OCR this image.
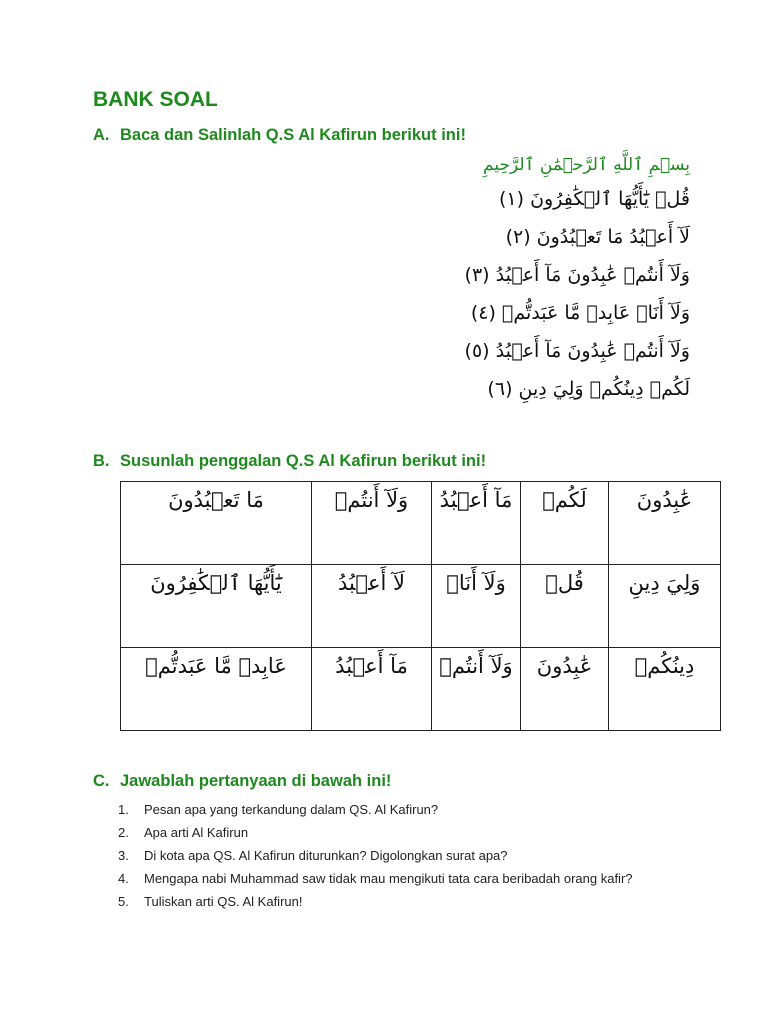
BANK SOAL
A. Baca dan Salinlah Q.S Al Kafirun berikut ini!
بِسۡمِ ٱللَّهِ ٱلرَّحۡمَٰنِ ٱلرَّحِيمِ
قُلۡ يَٰٓأَيُّهَا ٱلۡكَٰفِرُونَ (١)
لَآ أَعۡبُدُ مَا تَعۡبُدُونَ (٢)
وَلَآ أَنتُمۡ عَٰبِدُونَ مَآ أَعۡبُدُ (٣)
وَلَآ أَنَا۠ عَابِدٞ مَّا عَبَدتُّمۡ (٤)
وَلَآ أَنتُمۡ عَٰبِدُونَ مَآ أَعۡبُدُ (٥)
لَكُمۡ دِينُكُمۡ وَلِيَ دِينِ (٦)
B. Susunlah penggalan Q.S Al Kafirun berikut ini!
عَٰبِدُونَ	لَكُمۡ	مَآ أَعۡبُدُ	وَلَآ أَنتُمۡ	مَا تَعۡبُدُونَ
وَلِيَ دِينِ	قُلۡ	وَلَآ أَنَا۠	لَآ أَعۡبُدُ	يَٰٓأَيُّهَا ٱلۡكَٰفِرُونَ
دِينُكُمۡ	عَٰبِدُونَ	وَلَآ أَنتُمۡ	مَآ أَعۡبُدُ	عَابِدٞ مَّا عَبَدتُّمۡ
C. Jawablah pertanyaan di bawah ini!
1.	Pesan apa yang terkandung dalam QS. Al Kafirun?
2.	Apa arti Al Kafirun
3.	Di kota apa QS. Al Kafirun diturunkan? Digolongkan surat apa?
4.	Mengapa nabi Muhammad saw tidak mau mengikuti tata cara beribadah orang kafir?
5.	Tuliskan arti QS. Al Kafirun!
